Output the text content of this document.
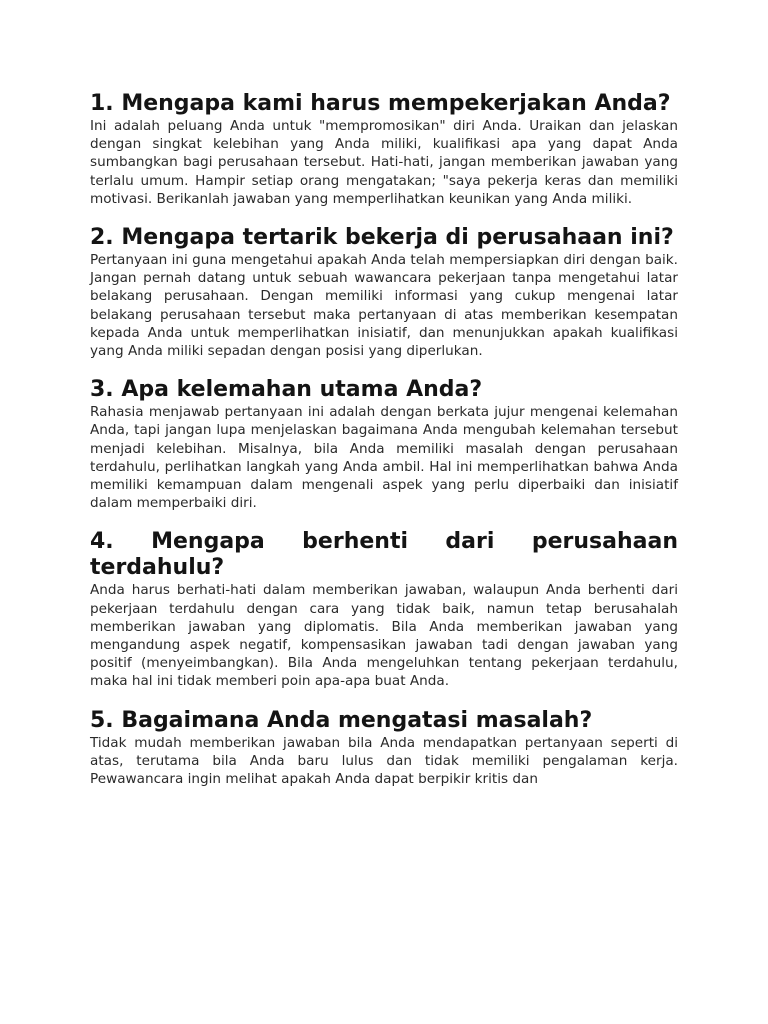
1. Mengapa kami harus mempekerjakan Anda?

Ini adalah peluang Anda untuk "mempromosikan" diri Anda. Uraikan dan jelaskan dengan singkat kelebihan yang Anda miliki, kualifikasi apa yang dapat Anda sumbangkan bagi perusahaan tersebut. Hati-hati, jangan memberikan jawaban yang terlalu umum. Hampir setiap orang mengatakan; "saya pekerja keras dan memiliki motivasi. Berikanlah jawaban yang memperlihatkan keunikan yang Anda miliki.

2. Mengapa tertarik bekerja di perusahaan ini?

Pertanyaan ini guna mengetahui apakah Anda telah mempersiapkan diri dengan baik. Jangan pernah datang untuk sebuah wawancara pekerjaan tanpa mengetahui latar belakang perusahaan. Dengan memiliki informasi yang cukup mengenai latar belakang perusahaan tersebut maka pertanyaan di atas memberikan kesempatan kepada Anda untuk memperlihatkan inisiatif, dan menunjukkan apakah kualifikasi yang Anda miliki sepadan dengan posisi yang diperlukan.

3. Apa kelemahan utama Anda?

Rahasia menjawab pertanyaan ini adalah dengan berkata jujur mengenai kelemahan Anda, tapi jangan lupa menjelaskan bagaimana Anda mengubah kelemahan tersebut menjadi kelebihan. Misalnya, bila Anda memiliki masalah dengan perusahaan terdahulu, perlihatkan langkah yang Anda ambil. Hal ini memperlihatkan bahwa Anda memiliki kemampuan dalam mengenali aspek yang perlu diperbaiki dan inisiatif dalam memperbaiki diri.

4. Mengapa berhenti dari perusahaan terdahulu?

Anda harus berhati-hati dalam memberikan jawaban, walaupun Anda berhenti dari pekerjaan terdahulu dengan cara yang tidak baik, namun tetap berusahalah memberikan jawaban yang diplomatis. Bila Anda memberikan jawaban yang mengandung aspek negatif, kompensasikan jawaban tadi dengan jawaban yang positif (menyeimbangkan). Bila Anda mengeluhkan tentang pekerjaan terdahulu, maka hal ini tidak memberi poin apa-apa buat Anda.

5. Bagaimana Anda mengatasi masalah?

Tidak mudah memberikan jawaban bila Anda mendapatkan pertanyaan seperti di atas, terutama bila Anda baru lulus dan tidak memiliki pengalaman kerja. Pewawancara ingin melihat apakah Anda dapat berpikir kritis dan
